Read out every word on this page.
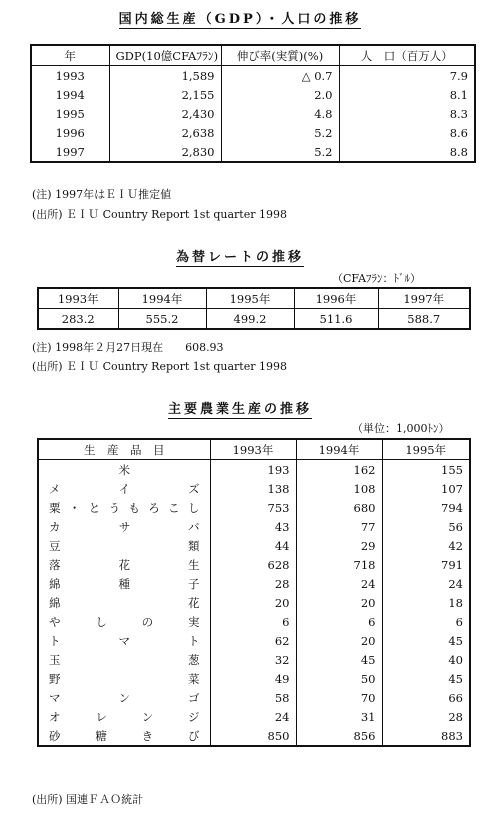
国内総生産（GDP）・人口の推移
年	GDP(10億CFAﾌﾗﾝ)	伸び率(実質)(%)	人　口（百万人）
1993	1,589	△ 0.7	7.9
1994	2,155	2.0	8.1
1995	2,430	4.8	8.3
1996	2,638	5.2	8.6
1997	2,830	5.2	8.8
(注) 1997年はＥＩＵ推定値
(出所) ＥＩＵ Country Report 1st quarter 1998
為替レートの推移
（CFAﾌﾗﾝ：ﾄﾞﾙ）
1993年	1994年	1995年	1996年	1997年
283.2	555.2	499.2	511.6	588.7
(注) 1998年２月27日現在　　608.93
(出所) ＥＩＵ Country Report 1st quarter 1998
主要農業生産の推移
（単位：1,000ﾄﾝ）
生　産　品　目	1993年	1994年	1995年
米	193	162	155
メイズ	138	108	107
粟・とうもろこし	753	680	794
カサバ	43	77	56
豆類	44	29	42
落花生	628	718	791
綿種子	28	24	24
綿花	20	20	18
やしの実	6	6	6
トマト	62	20	45
玉葱	32	45	40
野菜	49	50	45
マンゴ	58	70	66
オレンジ	24	31	28
砂糖きび	850	856	883
(出所) 国連ＦＡＯ統計
